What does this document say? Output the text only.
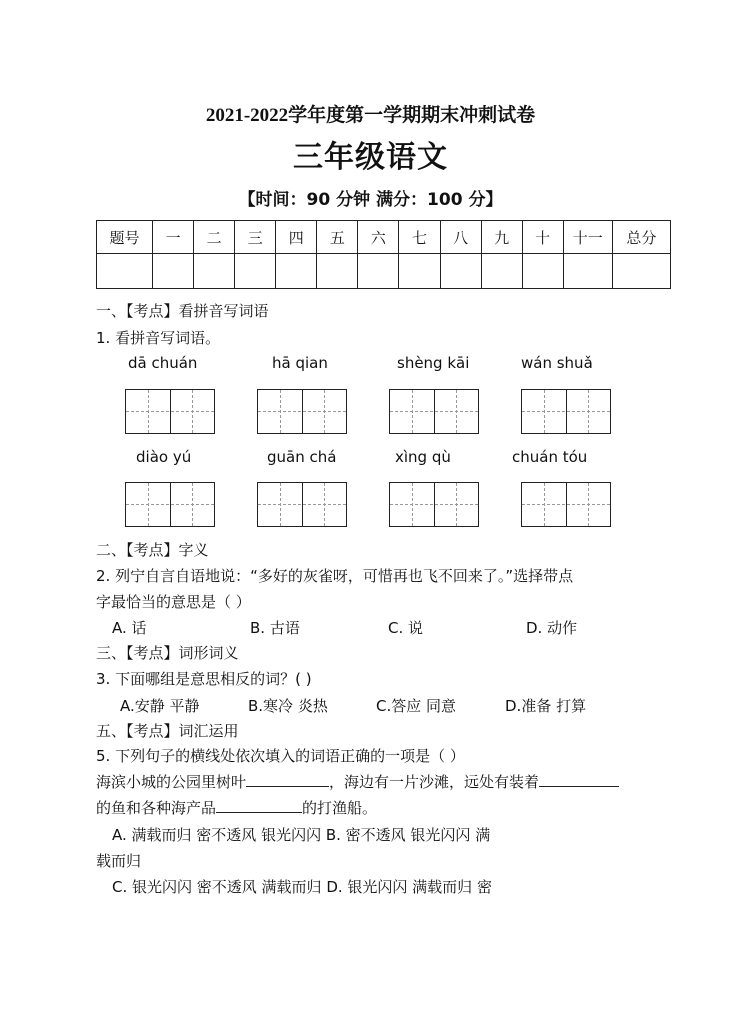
2021-2022学年度第一学期期末冲刺试卷
三年级语文
【时间：90 分钟 满分：100 分】
题号	一	二	三	四	五	六	七	八	九	十	十一	总分

一、【考点】看拼音写词语
1. 看拼音写词语。
dā chuán	hā qian	shèng kāi	wán shuǎ
diào yú	guān chá	xìng qù	chuán tóu
二、【考点】字义
2. 列宁自言自语地说：“多好的灰雀呀，可惜再也飞不回来了。”选择带点
字最恰当的意思是（ ）
A. 话	B. 古语	C. 说	D. 动作
三、【考点】词形词义
3. 下面哪组是意思相反的词？( )
A.安静 平静	B.寒冷 炎热	C.答应 同意	D.准备 打算
五、【考点】词汇运用
5. 下列句子的横线处依次填入的词语正确的一项是（ ）
海滨小城的公园里树叶	，海边有一片沙滩，远处有装着
的鱼和各种海产品	的打渔船。
A. 满载而归 密不透风 银光闪闪 B. 密不透风 银光闪闪 满
载而归
C. 银光闪闪 密不透风 满载而归 D. 银光闪闪 满载而归 密
